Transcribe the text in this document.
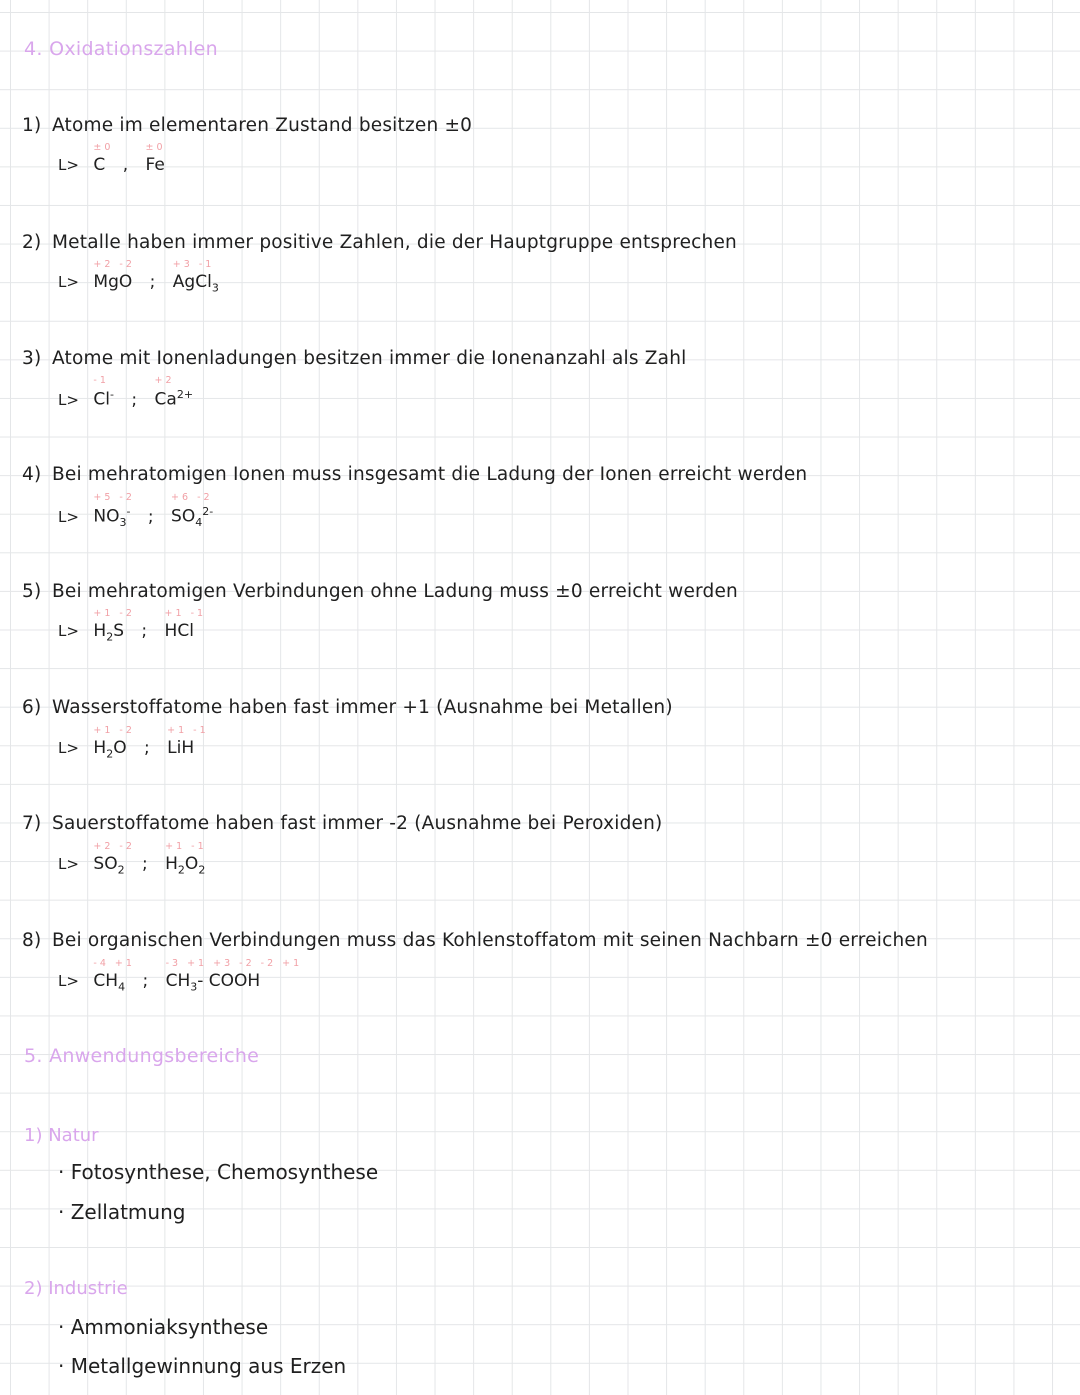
4. Oxidationszahlen
1) Atome im elementaren Zustand besitzen ±0
L>
±0
C ,
±0
Fe
2) Metalle haben immer positive Zahlen, die der Hauptgruppe entsprechen
L>
+2 -2
MgO ;
+3 -1
AgCl$_3$
3) Atome mit Ionenladungen besitzen immer die Ionenanzahl als Zahl
L>
-1
Cl- ;
+2
$Ca^{2+}$
4) Bei mehratomigen Ionen muss insgesamt die Ladung der Ionen erreicht werden
L>
+5 -2
$NO_3^-$ ;
+6 -2
$SO_4^{2-}$
5) Bei mehratomigen Verbindungen ohne Ladung muss ±0 erreicht werden
L>
+1 -2
$H_2S$ ;
+1 -1
HCl
6) Wasserstoffatome haben fast immer +1 (Ausnahme bei Metallen)
L>
+1 -2
$H_2O$ ;
+1 -1
LiH
7) Sauerstoffatome haben fast immer -2 (Ausnahme bei Peroxiden)
L>
+2 -2
$SO_2$ ;
+1 -1
$H_2O_2$
8) Bei organischen Verbindungen muss das Kohlenstoffatom mit seinen Nachbarn ±0 erreichen
L>
-4 +1
$CH_4$ ;
-3 +1 +3 -2 -2 +1
$CH_3-$ COOH
5. Anwendungsbereiche
1) Natur
· Fotosynthese, Chemosynthese
· Zellatmung
2) Industrie
· Ammoniaksynthese
· Metallgewinnung aus Erzen
